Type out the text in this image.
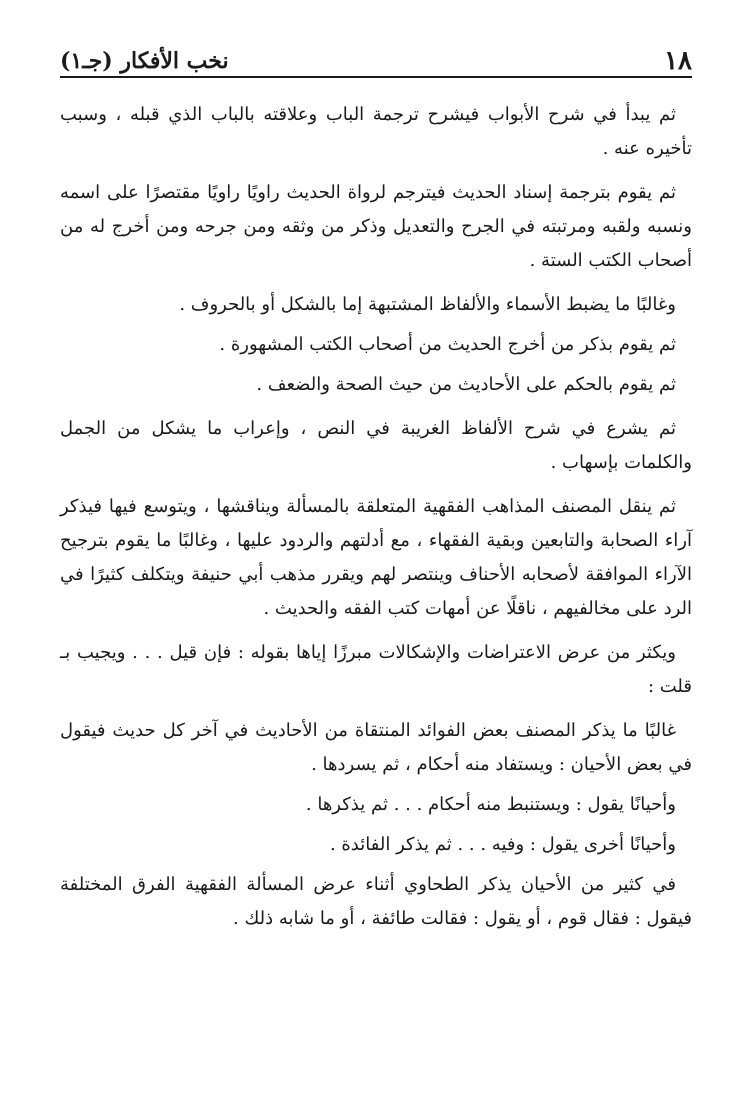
١٨
نخب الأفكار (جـ١)

ثم يبدأ في شرح الأبواب فيشرح ترجمة الباب وعلاقته بالباب الذي قبله ، وسبب تأخيره عنه .

ثم يقوم بترجمة إسناد الحديث فيترجم لرواة الحديث راويًا راويًا مقتصرًا على اسمه ونسبه ولقبه ومرتبته في الجرح والتعديل وذكر من وثقه ومن جرحه ومن أخرج له من أصحاب الكتب الستة .

وغالبًا ما يضبط الأسماء والألفاظ المشتبهة إما بالشكل أو بالحروف .

ثم يقوم بذكر من أخرج الحديث من أصحاب الكتب المشهورة .

ثم يقوم بالحكم على الأحاديث من حيث الصحة والضعف .

ثم يشرع في شرح الألفاظ الغريبة في النص ، وإعراب ما يشكل من الجمل والكلمات بإسهاب .

ثم ينقل المصنف المذاهب الفقهية المتعلقة بالمسألة ويناقشها ، ويتوسع فيها فيذكر آراء الصحابة والتابعين وبقية الفقهاء ، مع أدلتهم والردود عليها ، وغالبًا ما يقوم بترجيح الآراء الموافقة لأصحابه الأحناف وينتصر لهم ويقرر مذهب أبي حنيفة ويتكلف كثيرًا في الرد على مخالفيهم ، ناقلًا عن أمهات كتب الفقه والحديث .

ويكثر من عرض الاعتراضات والإشكالات مبرزًا إياها بقوله : فإن قيل . . . ويجيب بـ قلت :

غالبًا ما يذكر المصنف بعض الفوائد المنتقاة من الأحاديث في آخر كل حديث فيقول في بعض الأحيان : ويستفاد منه أحكام ، ثم يسردها .

وأحيانًا يقول : ويستنبط منه أحكام . . . ثم يذكرها .

وأحيانًا أخرى يقول : وفيه . . . ثم يذكر الفائدة .

في كثير من الأحيان يذكر الطحاوي أثناء عرض المسألة الفقهية الفرق المختلفة فيقول : فقال قوم ، أو يقول : فقالت طائفة ، أو ما شابه ذلك .
